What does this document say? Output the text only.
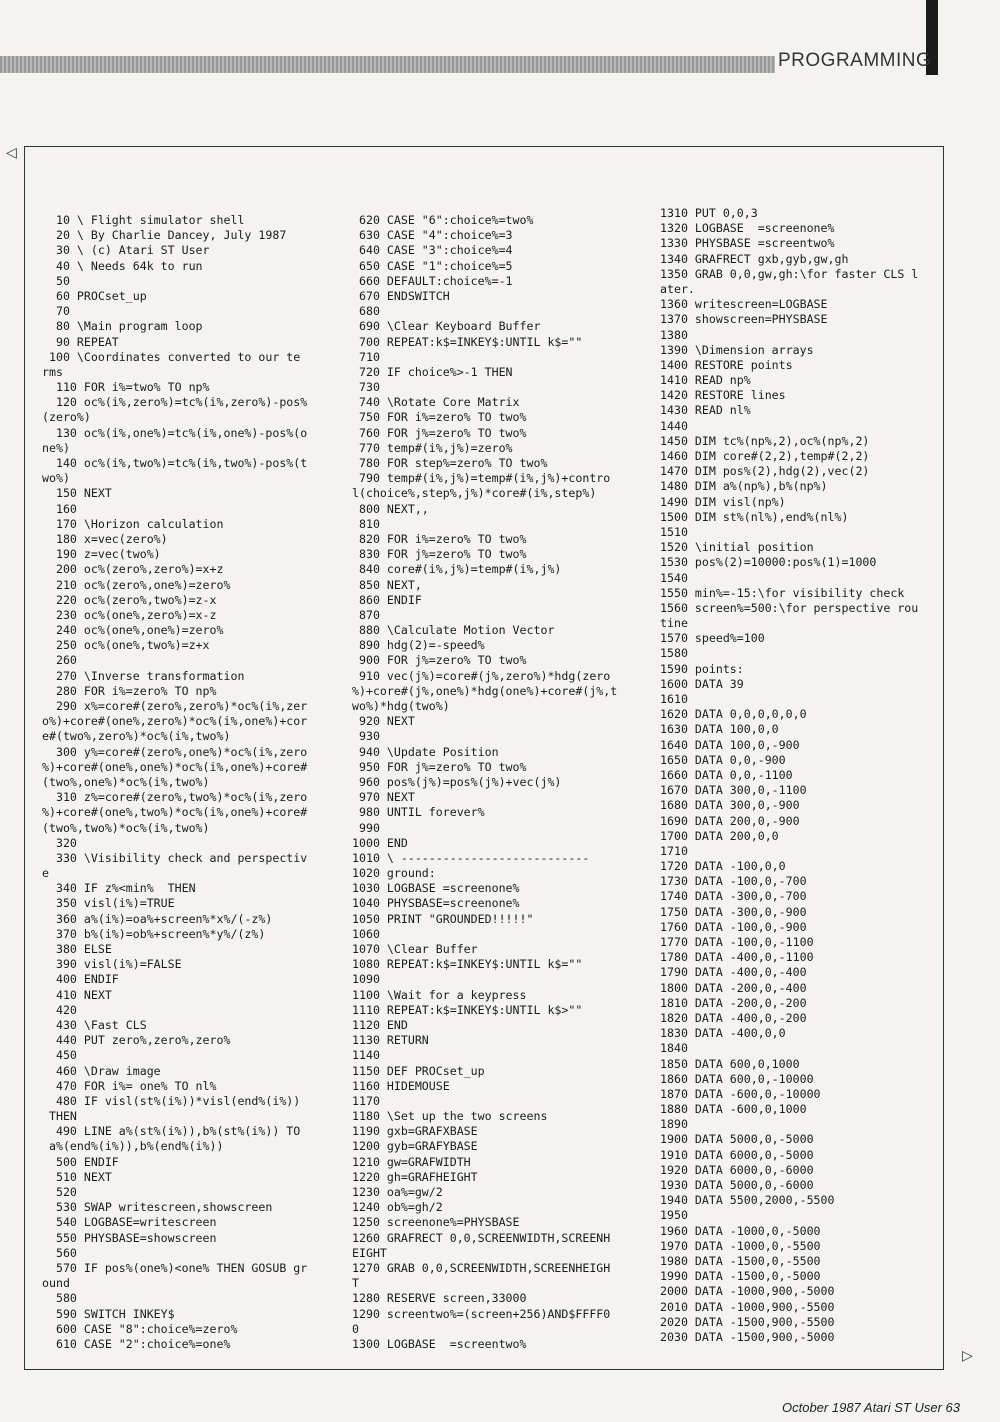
PROGRAMMING
◁
▷
10 \ Flight simulator shell
20 \ By Charlie Dancey, July 1987
30 \ (c) Atari ST User
40 \ Needs 64k to run
50
60 PROCset_up
70
80 \Main program loop
90 REPEAT
100 \Coordinates converted to our te
rms
110 FOR i%=two% TO np%
120 oc%(i%,zero%)=tc%(i%,zero%)-pos%
(zero%)
130 oc%(i%,one%)=tc%(i%,one%)-pos%(o
ne%)
140 oc%(i%,two%)=tc%(i%,two%)-pos%(t
wo%)
150 NEXT
160
170 \Horizon calculation
180 x=vec(zero%)
190 z=vec(two%)
200 oc%(zero%,zero%)=x+z
210 oc%(zero%,one%)=zero%
220 oc%(zero%,two%)=z-x
230 oc%(one%,zero%)=x-z
240 oc%(one%,one%)=zero%
250 oc%(one%,two%)=z+x
260
270 \Inverse transformation
280 FOR i%=zero% TO np%
290 x%=core#(zero%,zero%)*oc%(i%,zer
o%)+core#(one%,zero%)*oc%(i%,one%)+cor
e#(two%,zero%)*oc%(i%,two%)
300 y%=core#(zero%,one%)*oc%(i%,zero
%)+core#(one%,one%)*oc%(i%,one%)+core#
(two%,one%)*oc%(i%,two%)
310 z%=core#(zero%,two%)*oc%(i%,zero
%)+core#(one%,two%)*oc%(i%,one%)+core#
(two%,two%)*oc%(i%,two%)
320
330 \Visibility check and perspectiv
e
340 IF z%<min%  THEN
350 visl(i%)=TRUE
360 a%(i%)=oa%+screen%*x%/(-z%)
370 b%(i%)=ob%+screen%*y%/(z%)
380 ELSE
390 visl(i%)=FALSE
400 ENDIF
410 NEXT
420
430 \Fast CLS
440 PUT zero%,zero%,zero%
450
460 \Draw image
470 FOR i%= one% TO nl%
480 IF visl(st%(i%))*visl(end%(i%))
THEN
490 LINE a%(st%(i%)),b%(st%(i%)) TO
a%(end%(i%)),b%(end%(i%))
500 ENDIF
510 NEXT
520
530 SWAP writescreen,showscreen
540 LOGBASE=writescreen
550 PHYSBASE=showscreen
560
570 IF pos%(one%)<one% THEN GOSUB gr
ound
580
590 SWITCH INKEY$
600 CASE "8":choice%=zero%
610 CASE "2":choice%=one%
620 CASE "6":choice%=two%
630 CASE "4":choice%=3
640 CASE "3":choice%=4
650 CASE "1":choice%=5
660 DEFAULT:choice%=-1
670 ENDSWITCH
680
690 \Clear Keyboard Buffer
700 REPEAT:k$=INKEY$:UNTIL k$=""
710
720 IF choice%>-1 THEN
730
740 \Rotate Core Matrix
750 FOR i%=zero% TO two%
760 FOR j%=zero% TO two%
770 temp#(i%,j%)=zero%
780 FOR step%=zero% TO two%
790 temp#(i%,j%)=temp#(i%,j%)+contro
l(choice%,step%,j%)*core#(i%,step%)
800 NEXT,,
810
820 FOR i%=zero% TO two%
830 FOR j%=zero% TO two%
840 core#(i%,j%)=temp#(i%,j%)
850 NEXT,
860 ENDIF
870
880 \Calculate Motion Vector
890 hdg(2)=-speed%
900 FOR j%=zero% TO two%
910 vec(j%)=core#(j%,zero%)*hdg(zero
%)+core#(j%,one%)*hdg(one%)+core#(j%,t
wo%)*hdg(two%)
920 NEXT
930
940 \Update Position
950 FOR j%=zero% TO two%
960 pos%(j%)=pos%(j%)+vec(j%)
970 NEXT
980 UNTIL forever%
990
1000 END
1010 \ ---------------------------
1020 ground:
1030 LOGBASE =screenone%
1040 PHYSBASE=screenone%
1050 PRINT "GROUNDED!!!!!"
1060
1070 \Clear Buffer
1080 REPEAT:k$=INKEY$:UNTIL k$=""
1090
1100 \Wait for a keypress
1110 REPEAT:k$=INKEY$:UNTIL k$>""
1120 END
1130 RETURN
1140
1150 DEF PROCset_up
1160 HIDEMOUSE
1170
1180 \Set up the two screens
1190 gxb=GRAFXBASE
1200 gyb=GRAFYBASE
1210 gw=GRAFWIDTH
1220 gh=GRAFHEIGHT
1230 oa%=gw/2
1240 ob%=gh/2
1250 screenone%=PHYSBASE
1260 GRAFRECT 0,0,SCREENWIDTH,SCREENH
EIGHT
1270 GRAB 0,0,SCREENWIDTH,SCREENHEIGH
T
1280 RESERVE screen,33000
1290 screentwo%=(screen+256)AND$FFFF0
0
1300 LOGBASE  =screentwo%
1310 PUT 0,0,3
1320 LOGBASE  =screenone%
1330 PHYSBASE =screentwo%
1340 GRAFRECT gxb,gyb,gw,gh
1350 GRAB 0,0,gw,gh:\for faster CLS l
ater.
1360 writescreen=LOGBASE
1370 showscreen=PHYSBASE
1380
1390 \Dimension arrays
1400 RESTORE points
1410 READ np%
1420 RESTORE lines
1430 READ nl%
1440
1450 DIM tc%(np%,2),oc%(np%,2)
1460 DIM core#(2,2),temp#(2,2)
1470 DIM pos%(2),hdg(2),vec(2)
1480 DIM a%(np%),b%(np%)
1490 DIM visl(np%)
1500 DIM st%(nl%),end%(nl%)
1510
1520 \initial position
1530 pos%(2)=10000:pos%(1)=1000
1540
1550 min%=-15:\for visibility check
1560 screen%=500:\for perspective rou
tine
1570 speed%=100
1580
1590 points:
1600 DATA 39
1610
1620 DATA 0,0,0,0,0,0
1630 DATA 100,0,0
1640 DATA 100,0,-900
1650 DATA 0,0,-900
1660 DATA 0,0,-1100
1670 DATA 300,0,-1100
1680 DATA 300,0,-900
1690 DATA 200,0,-900
1700 DATA 200,0,0
1710
1720 DATA -100,0,0
1730 DATA -100,0,-700
1740 DATA -300,0,-700
1750 DATA -300,0,-900
1760 DATA -100,0,-900
1770 DATA -100,0,-1100
1780 DATA -400,0,-1100
1790 DATA -400,0,-400
1800 DATA -200,0,-400
1810 DATA -200,0,-200
1820 DATA -400,0,-200
1830 DATA -400,0,0
1840
1850 DATA 600,0,1000
1860 DATA 600,0,-10000
1870 DATA -600,0,-10000
1880 DATA -600,0,1000
1890
1900 DATA 5000,0,-5000
1910 DATA 6000,0,-5000
1920 DATA 6000,0,-6000
1930 DATA 5000,0,-6000
1940 DATA 5500,2000,-5500
1950
1960 DATA -1000,0,-5000
1970 DATA -1000,0,-5500
1980 DATA -1500,0,-5500
1990 DATA -1500,0,-5000
2000 DATA -1000,900,-5000
2010 DATA -1000,900,-5500
2020 DATA -1500,900,-5500
2030 DATA -1500,900,-5000
October 1987 Atari ST User 63
